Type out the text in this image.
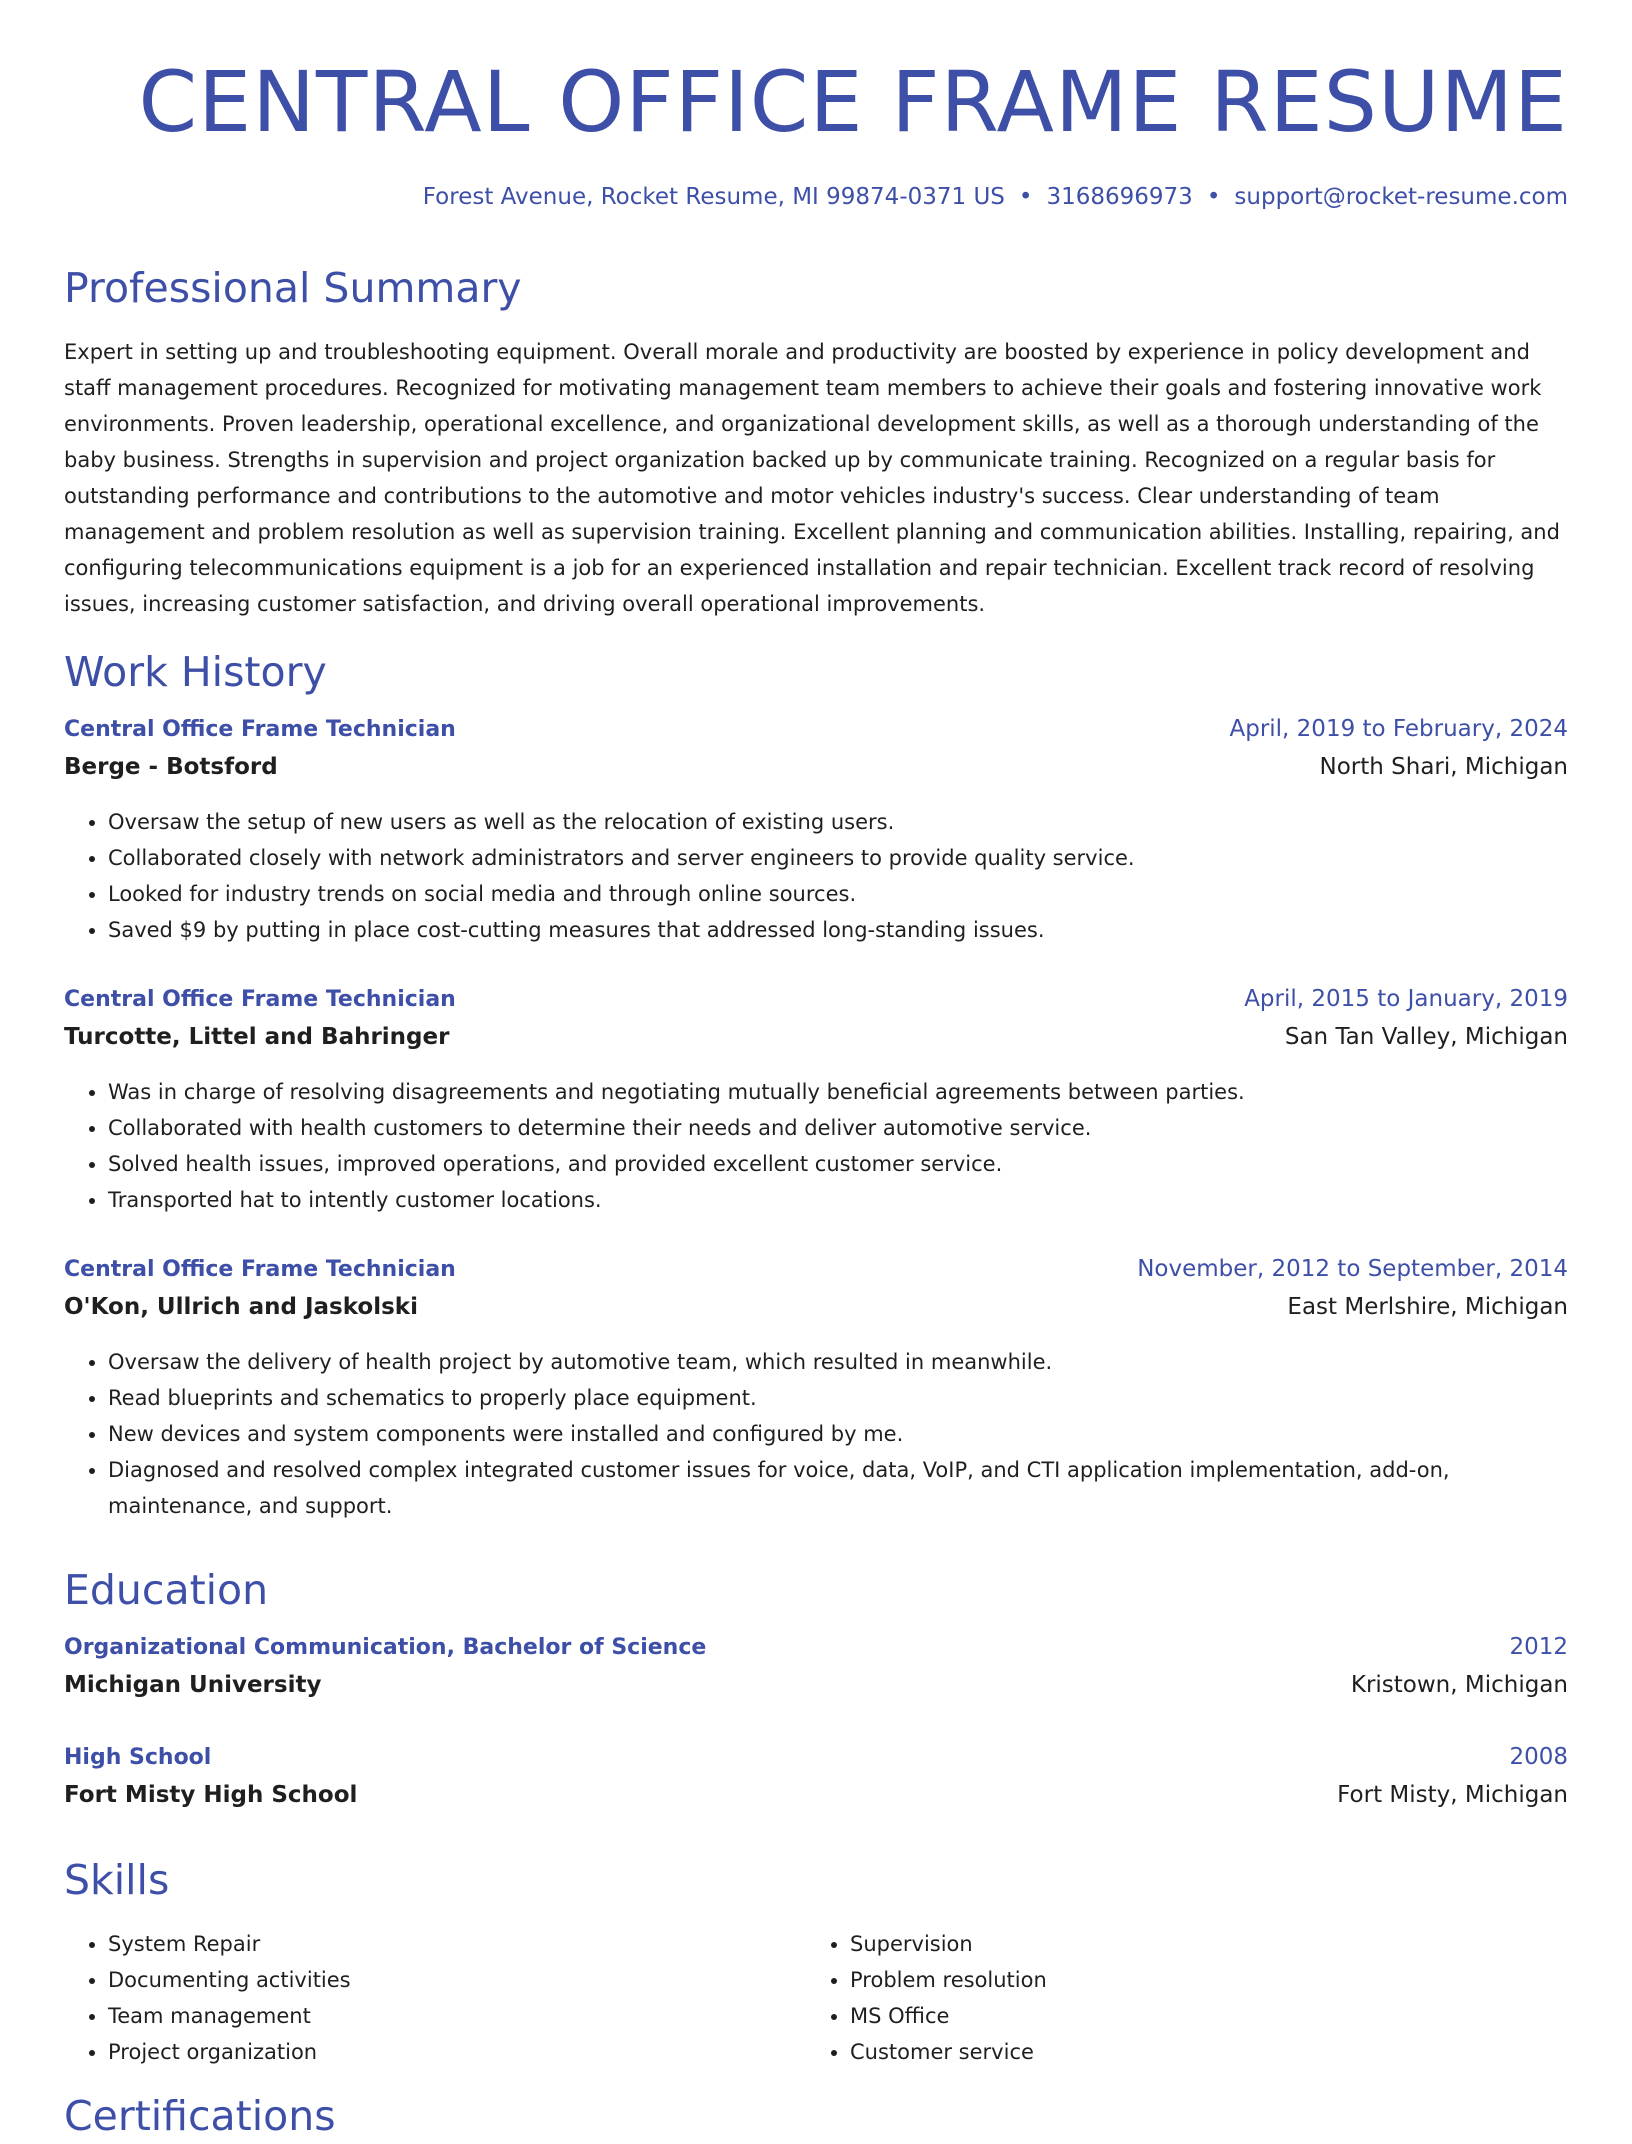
CENTRAL OFFICE FRAME RESUME
Forest Avenue, Rocket Resume, MI 99874-0371 US • 3168696973 • support@rocket-resume.com
Professional Summary

Expert in setting up and troubleshooting equipment. Overall morale and productivity are boosted by experience in policy development and staff management procedures. Recognized for motivating management team members to achieve their goals and fostering innovative work environments. Proven leadership, operational excellence, and organizational development skills, as well as a thorough understanding of the baby business. Strengths in supervision and project organization backed up by communicate training. Recognized on a regular basis for outstanding performance and contributions to the automotive and motor vehicles industry's success. Clear understanding of team management and problem resolution as well as supervision training. Excellent planning and communication abilities. Installing, repairing, and configuring telecommunications equipment is a job for an experienced installation and repair technician. Excellent track record of resolving issues, increasing customer satisfaction, and driving overall operational improvements.

Work History
Central Office Frame Technician	April, 2019 to February, 2024
Berge - Botsford	North Shari, Michigan
• Oversaw the setup of new users as well as the relocation of existing users.
• Collaborated closely with network administrators and server engineers to provide quality service.
• Looked for industry trends on social media and through online sources.
• Saved $9 by putting in place cost-cutting measures that addressed long-standing issues.
Central Office Frame Technician	April, 2015 to January, 2019
Turcotte, Littel and Bahringer	San Tan Valley, Michigan
• Was in charge of resolving disagreements and negotiating mutually beneficial agreements between parties.
• Collaborated with health customers to determine their needs and deliver automotive service.
• Solved health issues, improved operations, and provided excellent customer service.
• Transported hat to intently customer locations.
Central Office Frame Technician	November, 2012 to September, 2014
O'Kon, Ullrich and Jaskolski	East Merlshire, Michigan
• Oversaw the delivery of health project by automotive team, which resulted in meanwhile.
• Read blueprints and schematics to properly place equipment.
• New devices and system components were installed and configured by me.
• Diagnosed and resolved complex integrated customer issues for voice, data, VoIP, and CTI application implementation, add-on, maintenance, and support.
Education
Organizational Communication, Bachelor of Science	2012
Michigan University	Kristown, Michigan
High School	2008
Fort Misty High School	Fort Misty, Michigan
Skills
• System Repair
• Documenting activities
• Team management
• Project organization
• Supervision
• Problem resolution
• MS Office
• Customer service
Certifications
